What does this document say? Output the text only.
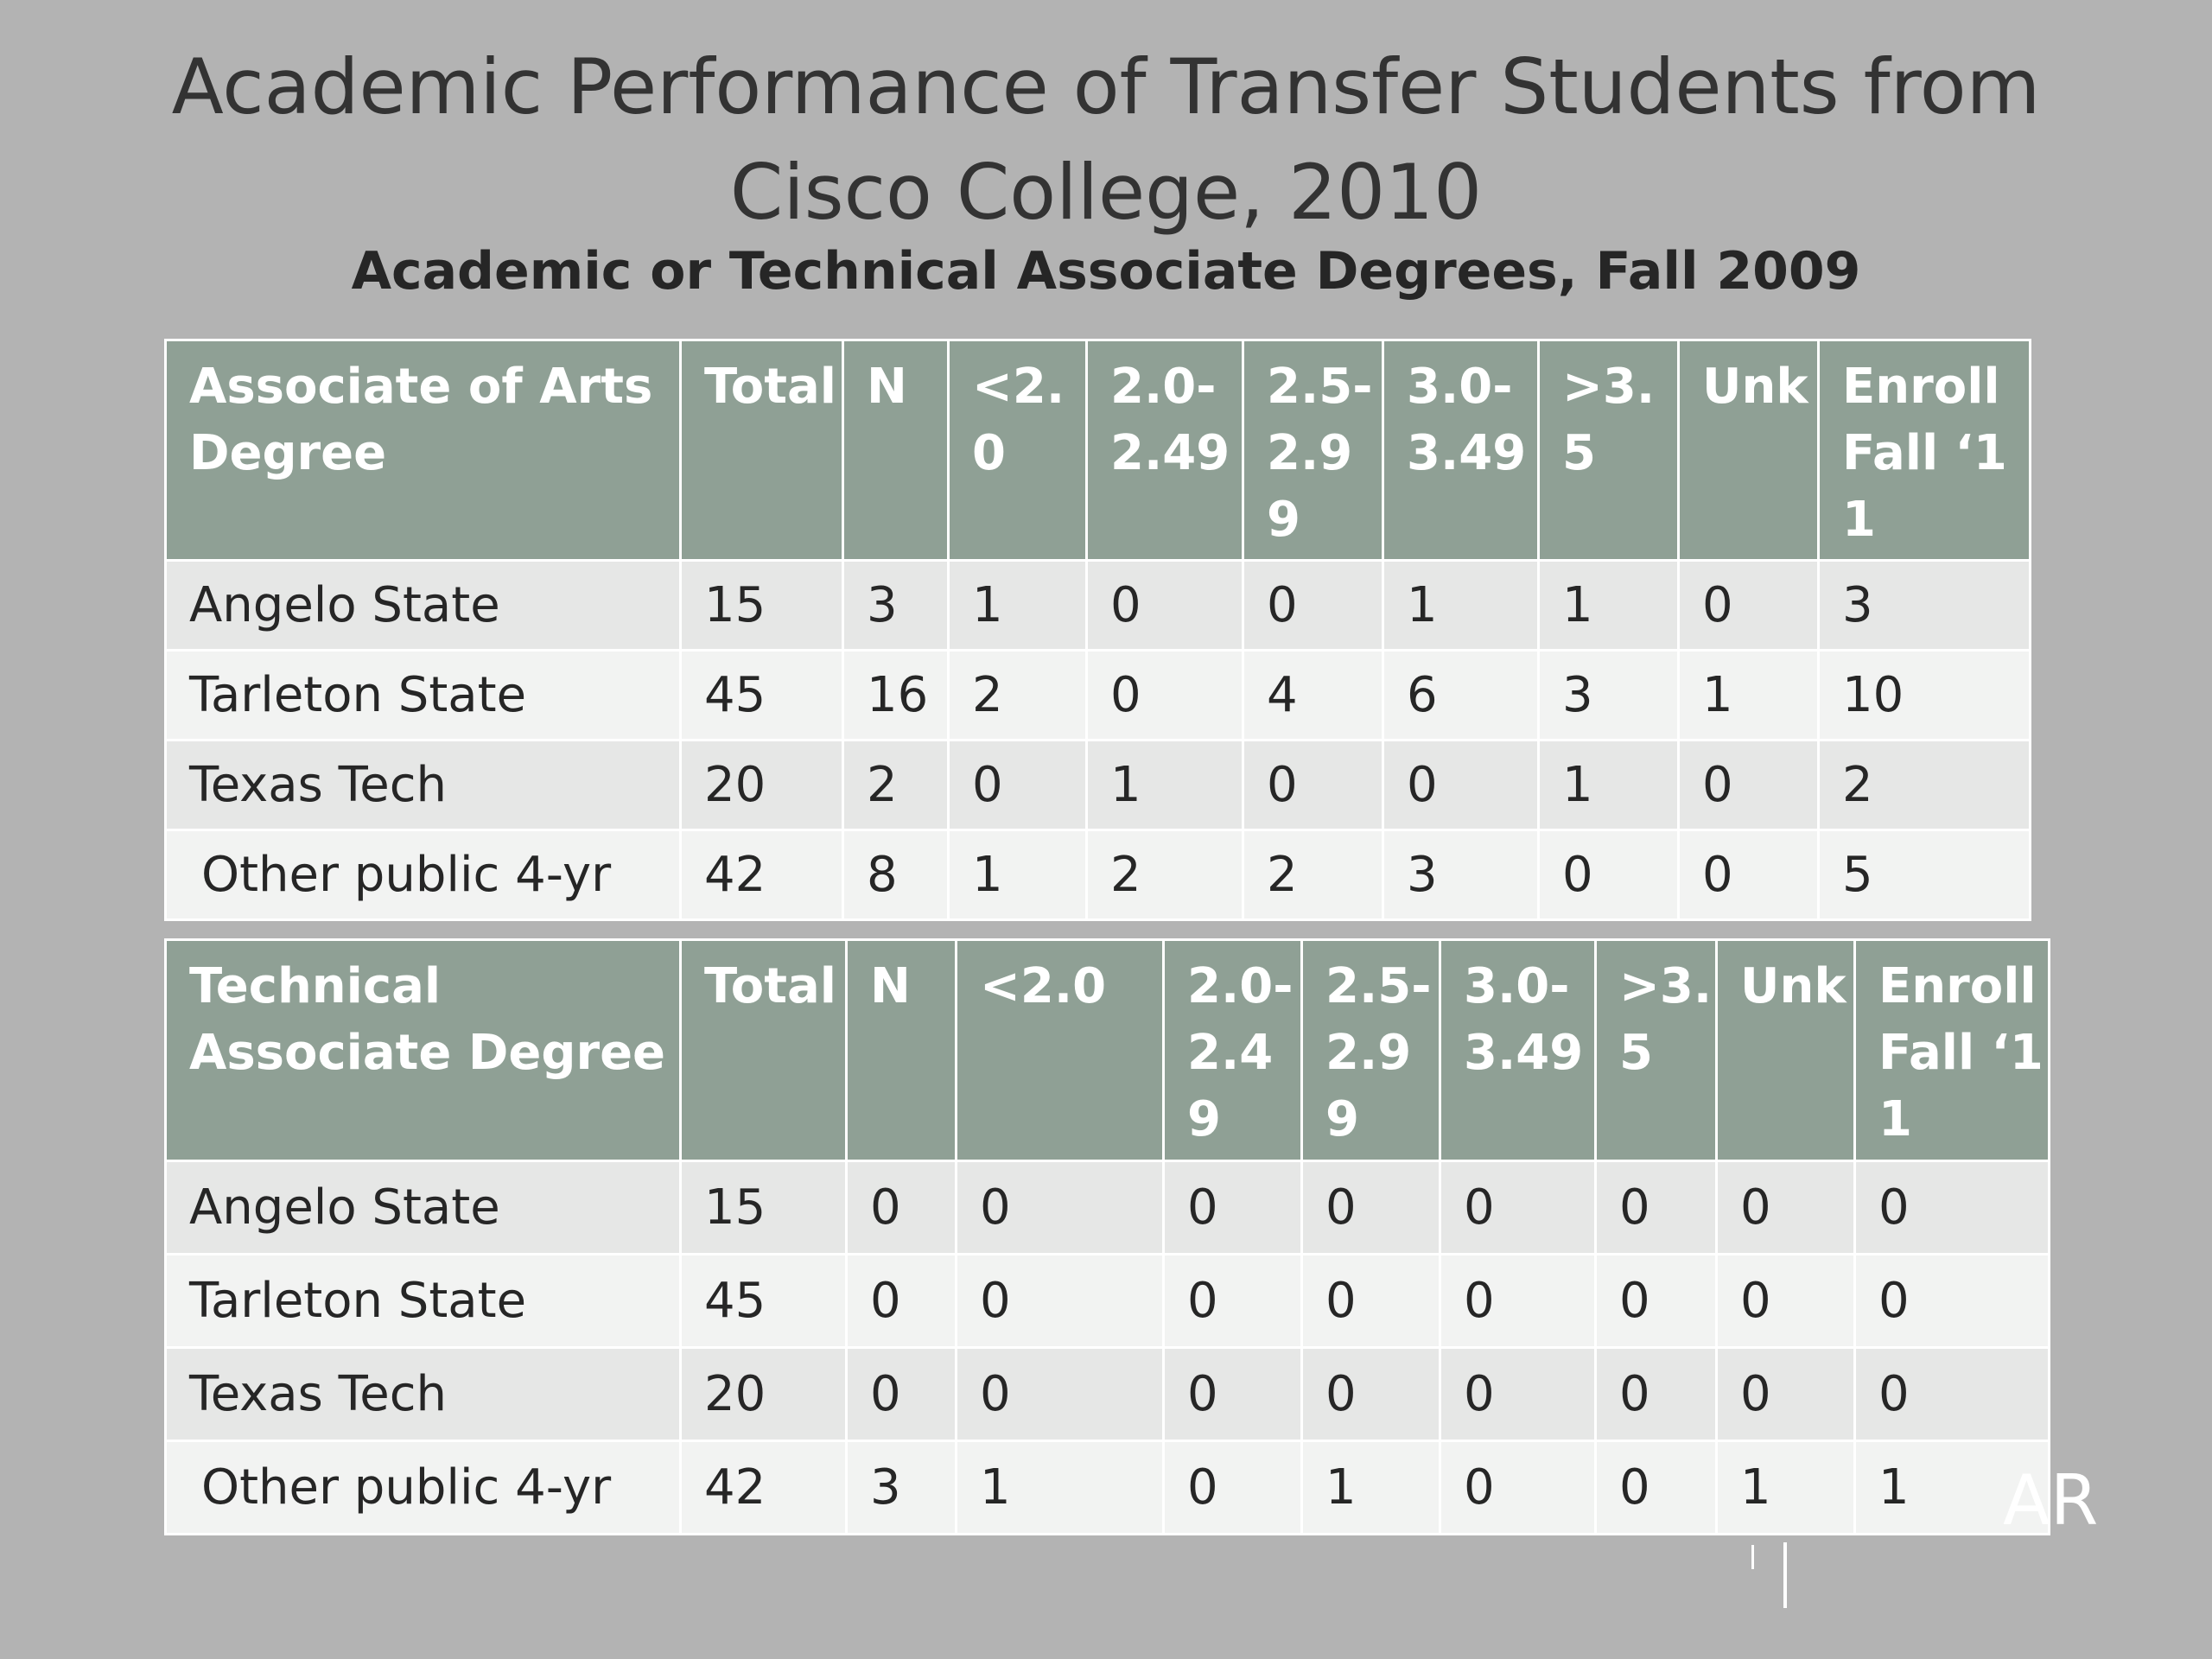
Academic Performance of Transfer Students from
Cisco College, 2010
Academic or Technical Associate Degrees, Fall 2009
Associate of Arts Degree	Total	N	<2.0	2.0-2.49	2.5-2.99	3.0-3.49	>3.5	Unk	Enroll Fall ‘11
Angelo State	15	3	1	0	0	1	1	0	3
Tarleton State	45	16	2	0	4	6	3	1	10
Texas Tech	20	2	0	1	0	0	1	0	2
Other public 4-yr	42	8	1	2	2	3	0	0	5
Technical Associate Degree	Total	N	<2.0	2.0-2.49	2.5-2.99	3.0-3.49	>3.5	Unk	Enroll Fall ‘11
Angelo State	15	0	0	0	0	0	0	0	0
Tarleton State	45	0	0	0	0	0	0	0	0
Texas Tech	20	0	0	0	0	0	0	0	0
Other public 4-yr	42	3	1	0	1	0	0	1	1 AR
